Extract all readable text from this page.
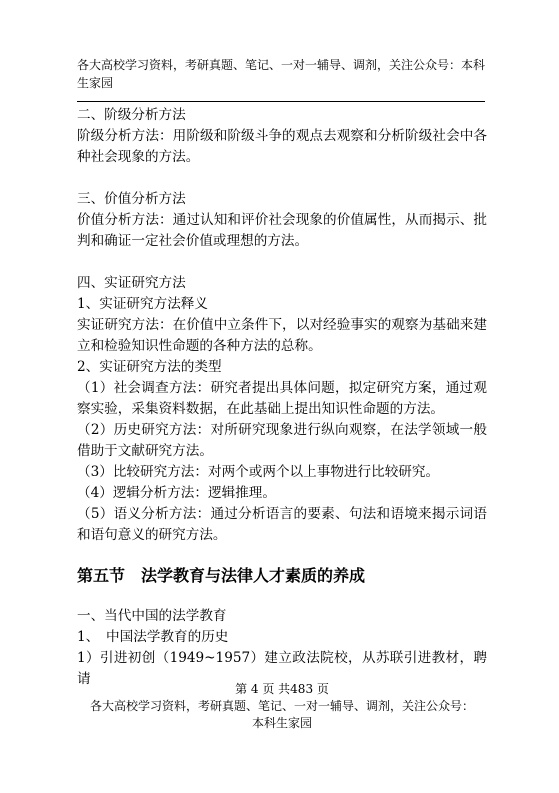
各大高校学习资料，考研真题、笔记、一对一辅导、调剂，关注公众号：本科生家园

二、阶级分析方法

阶级分析方法：用阶级和阶级斗争的观点去观察和分析阶级社会中各种社会现象的方法。

三、价值分析方法

价值分析方法：通过认知和评价社会现象的价值属性，从而揭示、批判和确证一定社会价值或理想的方法。

四、实证研究方法

1、实证研究方法释义

实证研究方法：在价值中立条件下，以对经验事实的观察为基础来建立和检验知识性命题的各种方法的总称。

2、实证研究方法的类型

（1）社会调查方法：研究者提出具体问题，拟定研究方案，通过观察实验，采集资料数据，在此基础上提出知识性命题的方法。

（2）历史研究方法：对所研究现象进行纵向观察，在法学领域一般借助于文献研究方法。

（3）比较研究方法：对两个或两个以上事物进行比较研究。

（4）逻辑分析方法：逻辑推理。

（5）语义分析方法：通过分析语言的要素、句法和语境来揭示词语和语句意义的研究方法。

第五节 法学教育与法律人才素质的养成

一、当代中国的法学教育

1、　中国法学教育的历史

1）引进初创（1949~1957）建立政法院校，从苏联引进教材，聘请

第 4 页 共483 页
各大高校学习资料，考研真题、笔记、一对一辅导、调剂，关注公众号：
本科生家园
